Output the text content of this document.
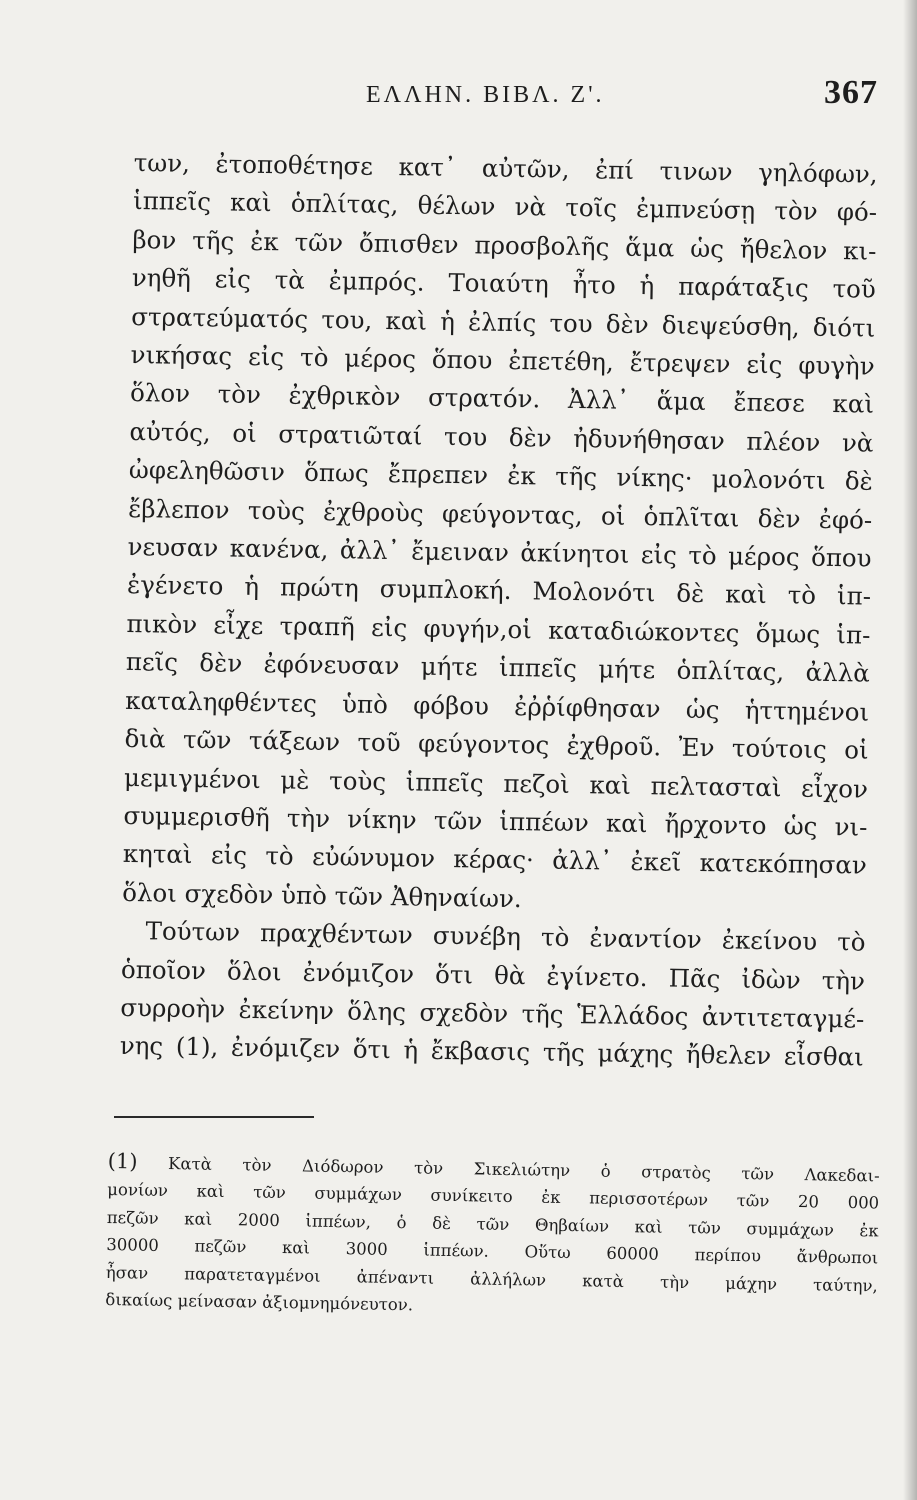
ΕΛΛΗΝ. ΒΙΒΛ. Ζ'.	367
των, ἐτοποθέτησε κατ᾽ αὐτῶν, ἐπί τινων γηλόφων,
ἱππεῖς καὶ ὁπλίτας, θέλων νὰ τοῖς ἐμπνεύσῃ τὸν φό-
βον τῆς ἐκ τῶν ὄπισθεν προσβολῆς ἅμα ὡς ἤθελον κι-
νηθῆ εἰς τὰ ἐμπρός. Τοιαύτη ἦτο ἡ παράταξις τοῦ
στρατεύματός του, καὶ ἡ ἐλπίς του δὲν διεψεύσθη, διότι
νικήσας εἰς τὸ μέρος ὅπου ἐπετέθη, ἔτρεψεν εἰς φυγὴν
ὅλον τὸν ἐχθρικὸν στρατόν. Ἀλλ᾽ ἅμα ἔπεσε καὶ
αὐτός, οἱ στρατιῶταί του δὲν ἠδυνήθησαν πλέον νὰ
ὠφεληθῶσιν ὅπως ἔπρεπεν ἐκ τῆς νίκης· μολονότι δὲ
ἔβλεπον τοὺς ἐχθροὺς φεύγοντας, οἱ ὁπλῖται δὲν ἐφό-
νευσαν κανένα, ἀλλ᾽ ἔμειναν ἀκίνητοι εἰς τὸ μέρος ὅπου
ἐγένετο ἡ πρώτη συμπλοκή. Μολονότι δὲ καὶ τὸ ἱπ-
πικὸν εἶχε τραπῆ εἰς φυγήν,οἱ καταδιώκοντες ὅμως ἱπ-
πεῖς δὲν ἐφόνευσαν μήτε ἱππεῖς μήτε ὁπλίτας, ἀλλὰ
καταληφθέντες ὑπὸ φόβου ἐῤῥίφθησαν ὡς ἡττημένοι
διὰ τῶν τάξεων τοῦ φεύγοντος ἐχθροῦ. Ἐν τούτοις οἱ
μεμιγμένοι μὲ τοὺς ἱππεῖς πεζοὶ καὶ πελτασταὶ εἶχον
συμμερισθῆ τὴν νίκην τῶν ἱππέων καὶ ἤρχοντο ὡς νι-
κηταὶ εἰς τὸ εὐώνυμον κέρας· ἀλλ᾽ ἐκεῖ κατεκόπησαν
ὅλοι σχεδὸν ὑπὸ τῶν Ἀθηναίων.
Τούτων πραχθέντων συνέβη τὸ ἐναντίον ἐκείνου τὸ
ὁποῖον ὅλοι ἐνόμιζον ὅτι θὰ ἐγίνετο. Πᾶς ἰδὼν τὴν
συρροὴν ἐκείνην ὅλης σχεδὸν τῆς Ἑλλάδος ἀντιτεταγμέ-
νης (1), ἐνόμιζεν ὅτι ἡ ἔκβασις τῆς μάχης ἤθελεν εἶσθαι
(1) Κατὰ τὸν Διόδωρον τὸν Σικελιώτην ὁ στρατὸς τῶν Λακεδαι-
μονίων καὶ τῶν συμμάχων συνίκειτο ἐκ περισσοτέρων τῶν 20 000
πεζῶν καὶ 2000 ἱππέων, ὁ δὲ τῶν Θηβαίων καὶ τῶν συμμάχων ἐκ
30000 πεζῶν καὶ 3000 ἱππέων. Οὕτω 60000 περίπου ἄνθρωποι
ἦσαν παρατεταγμένοι ἀπέναντι ἀλλήλων κατὰ τὴν μάχην ταύτην,
δικαίως μείνασαν ἀξιομνημόνευτον.
